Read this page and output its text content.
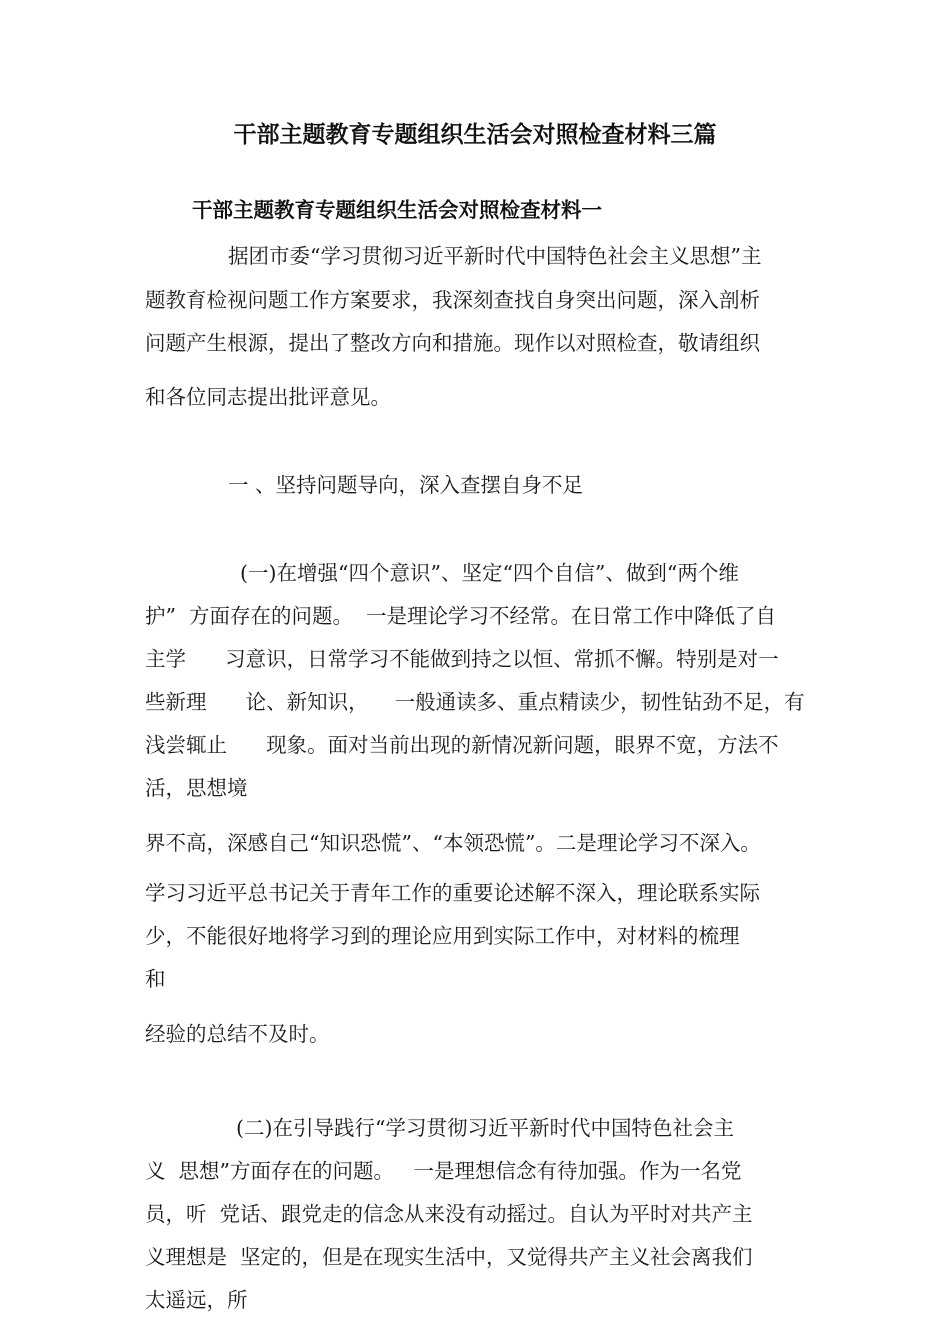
干部主题教育专题组织生活会对照检查材料三篇
干部主题教育专题组织生活会对照检查材料一
据团市委“学习贯彻习近平新时代中国特色社会主义思想”主
题教育检视问题工作方案要求，我深刻查找自身突出问题，深入剖析
问题产生根源，提出了整改方向和措施。现作以对照检查，敬请组织
和各位同志提出批评意见。
一 、坚持问题导向，深入查摆自身不足
(一)在增强“四个意识”、坚定“四个自信”、做到“两个维
护”  方面存在的问题。  一是理论学习不经常。在日常工作中降低了自
主学      习意识，日常学习不能做到持之以恒、常抓不懈。特别是对一
些新理      论、新知识，    一般通读多、重点精读少，韧性钻劲不足，有
浅尝辄止      现象。面对当前出现的新情况新问题，眼界不宽，方法不
活，思想境
界不高，深感自己“知识恐慌”、“本领恐慌”。二是理论学习不深入。
学习习近平总书记关于青年工作的重要论述解不深入，理论联系实际
少，不能很好地将学习到的理论应用到实际工作中，对材料的梳理
和
经验的总结不及时。
(二)在引导践行“学习贯彻习近平新时代中国特色社会主
义  思想”方面存在的问题。   一是理想信念有待加强。作为一名党
员，听  党话、跟党走的信念从来没有动摇过。自认为平时对共产主
义理想是  坚定的，但是在现实生活中，又觉得共产主义社会离我们
太遥远，所
